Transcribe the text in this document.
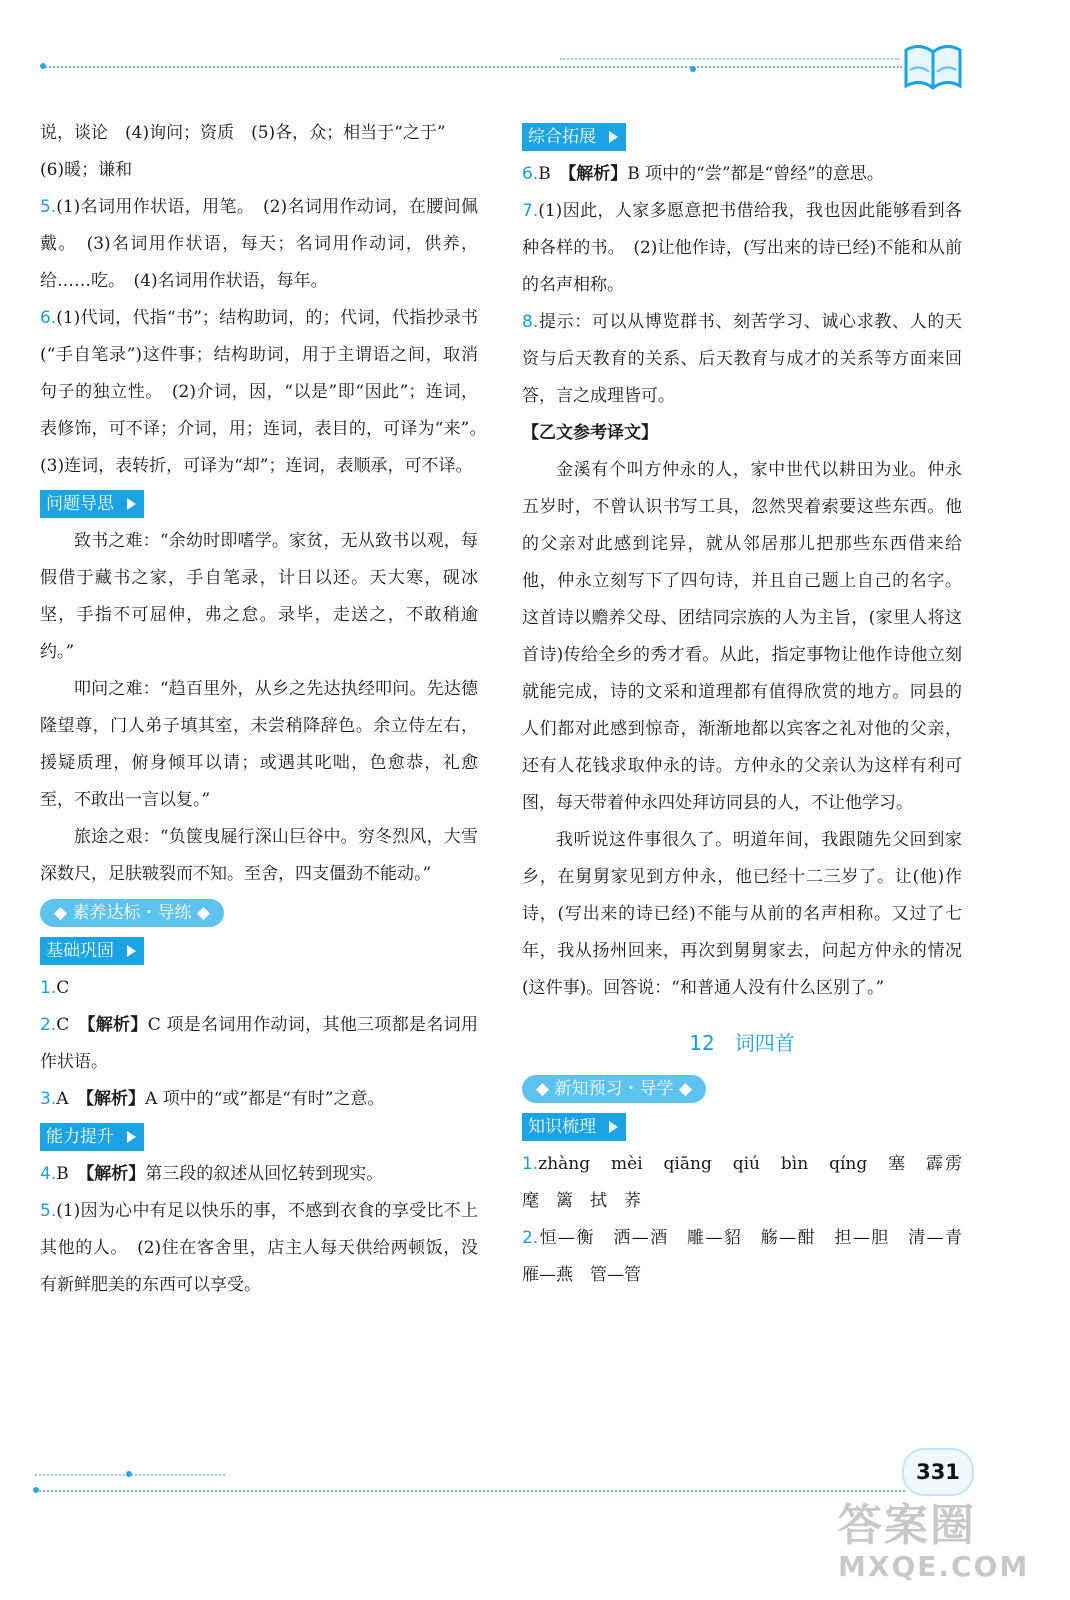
说，谈论　(4)询问；资质　(5)各，众；相当于“之于”

(6)暖；谦和

5.(1)名词用作状语，用笔。　(2)名词用作动词，在腰间佩戴。　(3)名词用作状语，每天；名词用作动词，供养，给……吃。　(4)名词用作状语，每年。

6.(1)代词，代指“书”；结构助词，的；代词，代指抄录书(“手自笔录”)这件事；结构助词，用于主谓语之间，取消句子的独立性。　(2)介词，因，“以是”即“因此”；连词，表修饰，可不译；介词，用；连词，表目的，可译为“来”。　(3)连词，表转折，可译为“却”；连词，表顺承，可不译。

问题导思

致书之难：“余幼时即嗜学。家贫，无从致书以观，每假借于藏书之家，手自笔录，计日以还。天大寒，砚冰坚，手指不可屈伸，弗之怠。录毕，走送之，不敢稍逾约。”

叩问之难：“趋百里外，从乡之先达执经叩问。先达德隆望尊，门人弟子填其室，未尝稍降辞色。余立侍左右，援疑质理，俯身倾耳以请；或遇其叱咄，色愈恭，礼愈至，不敢出一言以复。”

旅途之艰：“负箧曳屣行深山巨谷中。穷冬烈风，大雪深数尺，足肤皲裂而不知。至舍，四支僵劲不能动。”

◆ 素养达标・导练 ◆
基础巩固

1.C

2.C　【解析】C 项是名词用作动词，其他三项都是名词用作状语。

3.A　【解析】A 项中的“或”都是“有时”之意。

能力提升

4.B　【解析】第三段的叙述从回忆转到现实。

5.(1)因为心中有足以快乐的事，不感到衣食的享受比不上其他的人。　(2)住在客舍里，店主人每天供给两顿饭，没有新鲜肥美的东西可以享受。

综合拓展

6.B　【解析】B 项中的“尝”都是“曾经”的意思。

7.(1)因此，人家多愿意把书借给我，我也因此能够看到各种各样的书。　(2)让他作诗，(写出来的诗已经)不能和从前的名声相称。

8.提示：可以从博览群书、刻苦学习、诚心求教、人的天资与后天教育的关系、后天教育与成才的关系等方面来回答，言之成理皆可。

【乙文参考译文】

金溪有个叫方仲永的人，家中世代以耕田为业。仲永五岁时，不曾认识书写工具，忽然哭着索要这些东西。他的父亲对此感到诧异，就从邻居那儿把那些东西借来给他，仲永立刻写下了四句诗，并且自己题上自己的名字。这首诗以赡养父母、团结同宗族的人为主旨，(家里人将这首诗)传给全乡的秀才看。从此，指定事物让他作诗他立刻就能完成，诗的文采和道理都有值得欣赏的地方。同县的人们都对此感到惊奇，渐渐地都以宾客之礼对他的父亲，还有人花钱求取仲永的诗。方仲永的父亲认为这样有利可图，每天带着仲永四处拜访同县的人，不让他学习。

我听说这件事很久了。明道年间，我跟随先父回到家乡，在舅舅家见到方仲永，他已经十二三岁了。让(他)作诗，(写出来的诗已经)不能与从前的名声相称。又过了七年，我从扬州回来，再次到舅舅家去，问起方仲永的情况(这件事)。回答说：“和普通人没有什么区别了。”

12　 词四首
◆ 新知预习・导学 ◆
知识梳理

1.zhàng　mèi　qiāng　qiú　bìn　qíng　塞　霹雳　麾　篱　拭　荞

2.恒—衡　洒—酒　雕—貂　觞—酣　担—胆　清—青　雁—燕　管—管

331
答案圈
MXQE.COM
